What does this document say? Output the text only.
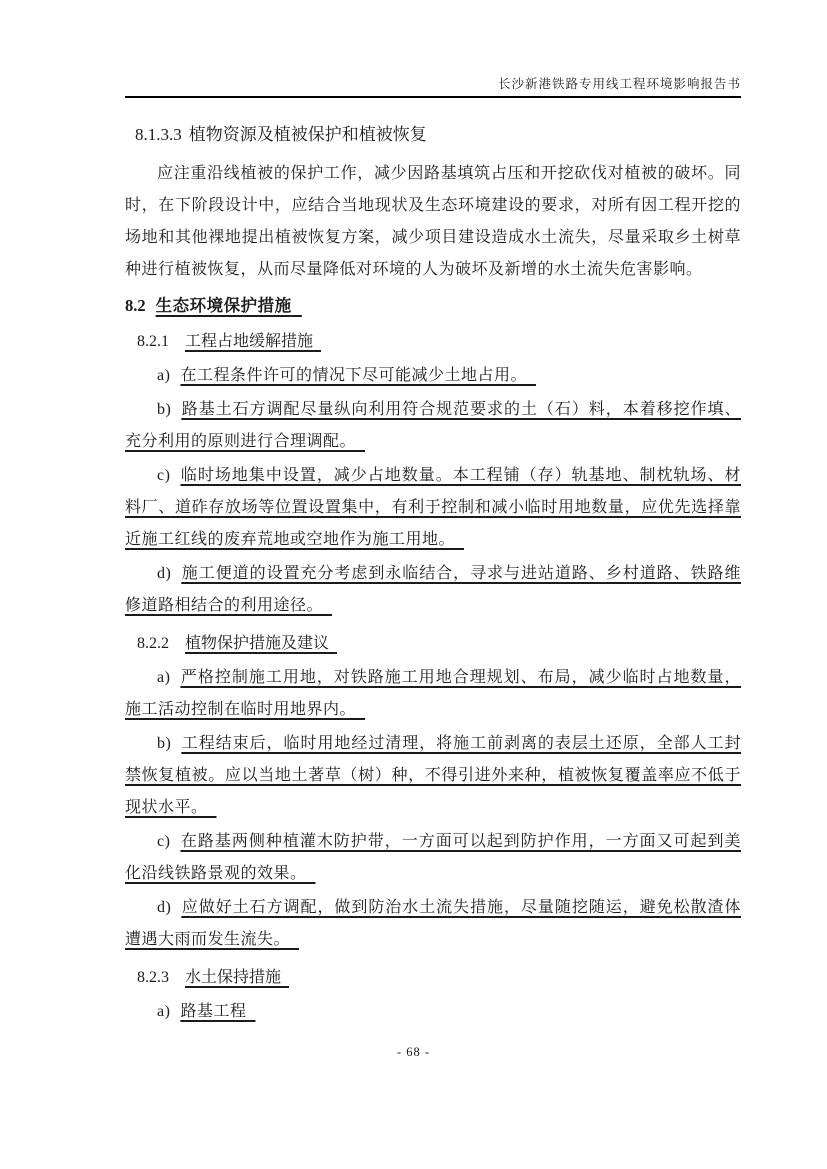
长沙新港铁路专用线工程环境影响报告书
8.1.3.3 植物资源及植被保护和植被恢复

应注重沿线植被的保护工作，减少因路基填筑占压和开挖砍伐对植被的破坏。同时，在下阶段设计中，应结合当地现状及生态环境建设的要求，对所有因工程开挖的场地和其他裸地提出植被恢复方案，减少项目建设造成水土流失，尽量采取乡土树草种进行植被恢复，从而尽量降低对环境的人为破坏及新增的水土流失危害影响。

8.2 生态环境保护措施
8.2.1 工程占地缓解措施

a) 在工程条件许可的情况下尽可能减少土地占用。

b) 路基土石方调配尽量纵向利用符合规范要求的土（石）料，本着移挖作填、充分利用的原则进行合理调配。

c) 临时场地集中设置，减少占地数量。本工程铺（存）轨基地、制枕轨场、材料厂、道砟存放场等位置设置集中，有利于控制和减小临时用地数量，应优先选择靠近施工红线的废弃荒地或空地作为施工用地。

d) 施工便道的设置充分考虑到永临结合，寻求与进站道路、乡村道路、铁路维修道路相结合的利用途径。

8.2.2 植物保护措施及建议

a) 严格控制施工用地，对铁路施工用地合理规划、布局，减少临时占地数量，施工活动控制在临时用地界内。

b) 工程结束后，临时用地经过清理，将施工前剥离的表层土还原，全部人工封禁恢复植被。应以当地土著草（树）种，不得引进外来种，植被恢复覆盖率应不低于现状水平。

c) 在路基两侧种植灌木防护带，一方面可以起到防护作用，一方面又可起到美化沿线铁路景观的效果。

d) 应做好土石方调配，做到防治水土流失措施，尽量随挖随运，避免松散渣体遭遇大雨而发生流失。

8.2.3 水土保持措施

a) 路基工程

- 68 -
